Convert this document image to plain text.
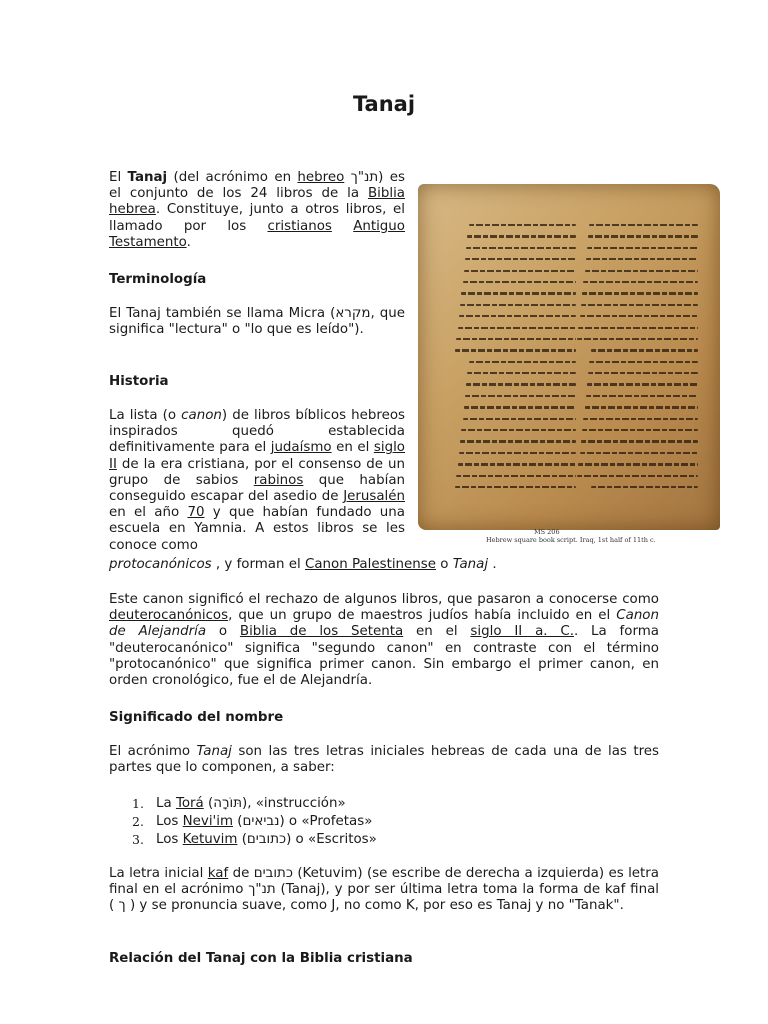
Tanaj

El Tanaj (del acrónimo en hebreo תנ"ך) es el conjunto de los 24 libros de la Biblia hebrea. Constituye, junto a otros libros, el llamado por los cristianos Antiguo Testamento.

Terminología

El Tanaj también se llama Micra (מקרא, que significa "lectura" o "lo que es leído").

Historia

La lista (o canon) de libros bíblicos hebreos inspirados quedó establecida definitivamente para el judaísmo en el siglo II de la era cristiana, por el consenso de un grupo de sabios rabinos que habían conseguido escapar del asedio de Jerusalén en el año 70 y que habían fundado una escuela en Yamnia. A estos libros se les conoce como

protocanónicos , y forman el Canon Palestinense o Tanaj .

Este canon significó el rechazo de algunos libros, que pasaron a conocerse como deuterocanónicos, que un grupo de maestros judíos había incluido en el Canon de Alejandría o Biblia de los Setenta en el siglo II a. C.. La forma "deuterocanónico" significa "segundo canon" en contraste con el término "protocanónico" que significa primer canon. Sin embargo el primer canon, en orden cronológico, fue el de Alejandría.

Significado del nombre

El acrónimo Tanaj son las tres letras iniciales hebreas de cada una de las tres partes que lo componen, a saber:

1. La Torá (תּוֹרָה), «instrucción»
2. Los Nevi'im (נביאים) o «Profetas»
3. Los Ketuvim (כתובים) o «Escritos»

La letra inicial kaf de כתובים (Ketuvim) (se escribe de derecha a izquierda) es letra final en el acrónimo תנ"ך (Tanaj), y por ser última letra toma la forma de kaf final ( ך ) y se pronuncia suave, como J, no como K, por eso es Tanaj y no "Tanak".

Relación del Tanaj con la Biblia cristiana
MS 206
Hebrew square book script. Iraq, 1st half of 11th c.
